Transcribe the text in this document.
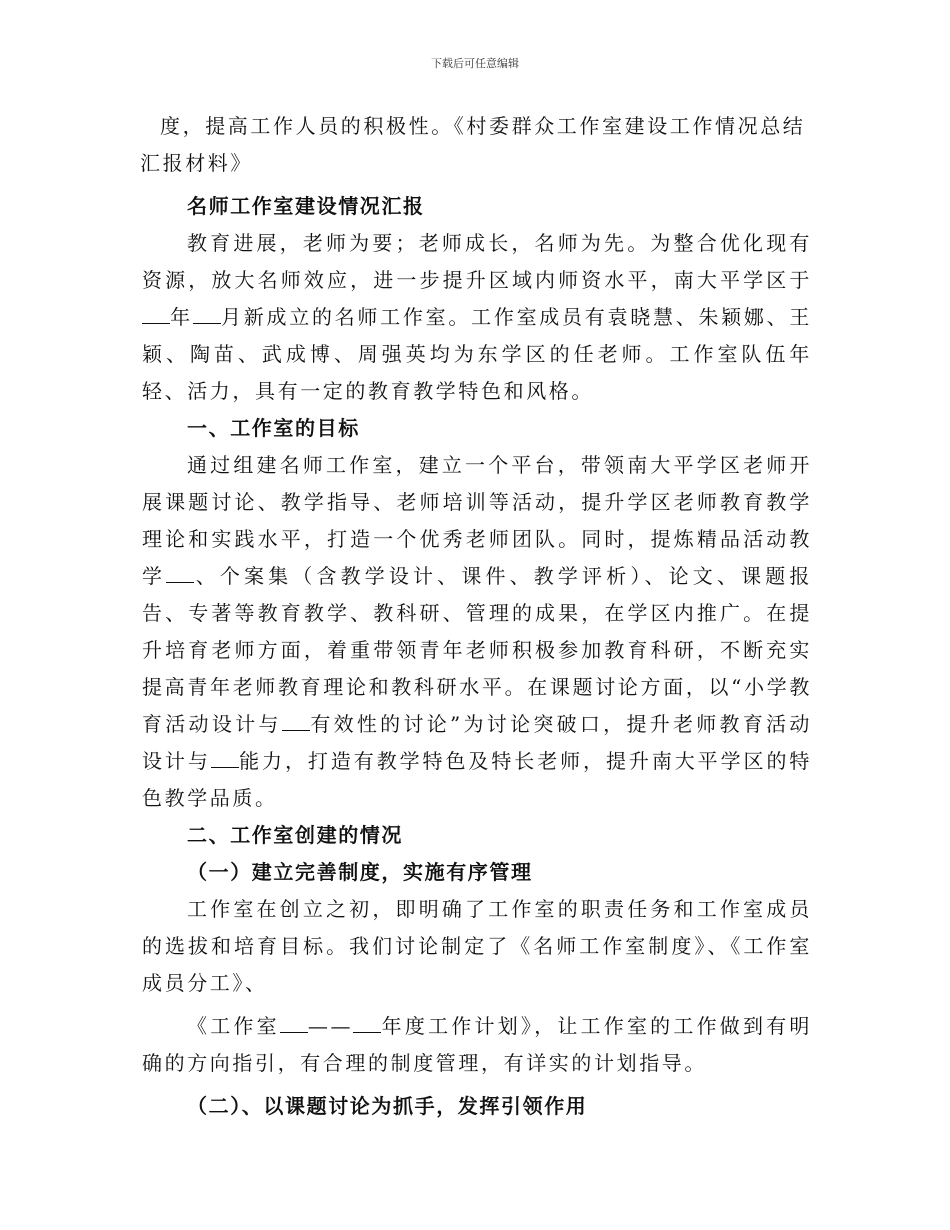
下载后可任意编辑

度，提高工作人员的积极性。《村委群众工作室建设工作情况总结

汇报材料》

名师工作室建设情况汇报

教育进展，老师为要；老师成长，名师为先。为整合优化现有资源，放大名师效应，进一步提升区域内师资水平，南大平学区于年 月新成立的名师工作室。工作室成员有袁晓慧、朱颖娜、王颖、陶苗、武成博、周强英均为东学区的任老师。工作室队伍年轻、活力，具有一定的教育教学特色和风格。

一、工作室的目标

通过组建名师工作室，建立一个平台，带领南大平学区老师开展课题讨论、教学指导、老师培训等活动，提升学区老师教育教学理论和实践水平，打造一个优秀老师团队。同时，提炼精品活动教学 、个案集（含教学设计、课件、教学评析）、论文、课题报告、专著等教育教学、教科研、管理的成果，在学区内推广。在提升培育老师方面，着重带领青年老师积极参加教育科研，不断充实提高青年老师教育理论和教科研水平。在课题讨论方面，以“小学教育活动设计与 有效性的讨论”为讨论突破口，提升老师教育活动设计与 能力，打造有教学特色及特长老师，提升南大平学区的特色教学品质。

二、工作室创建的情况

（一）建立完善制度，实施有序管理

工作室在创立之初，即明确了工作室的职责任务和工作室成员的选拔和培育目标。我们讨论制定了《名师工作室制度》、《工作室成员分工》、

《工作室 —— 年度工作计划》，让工作室的工作做到有明确的方向指引，有合理的制度管理，有详实的计划指导。

（二）、以课题讨论为抓手，发挥引领作用
